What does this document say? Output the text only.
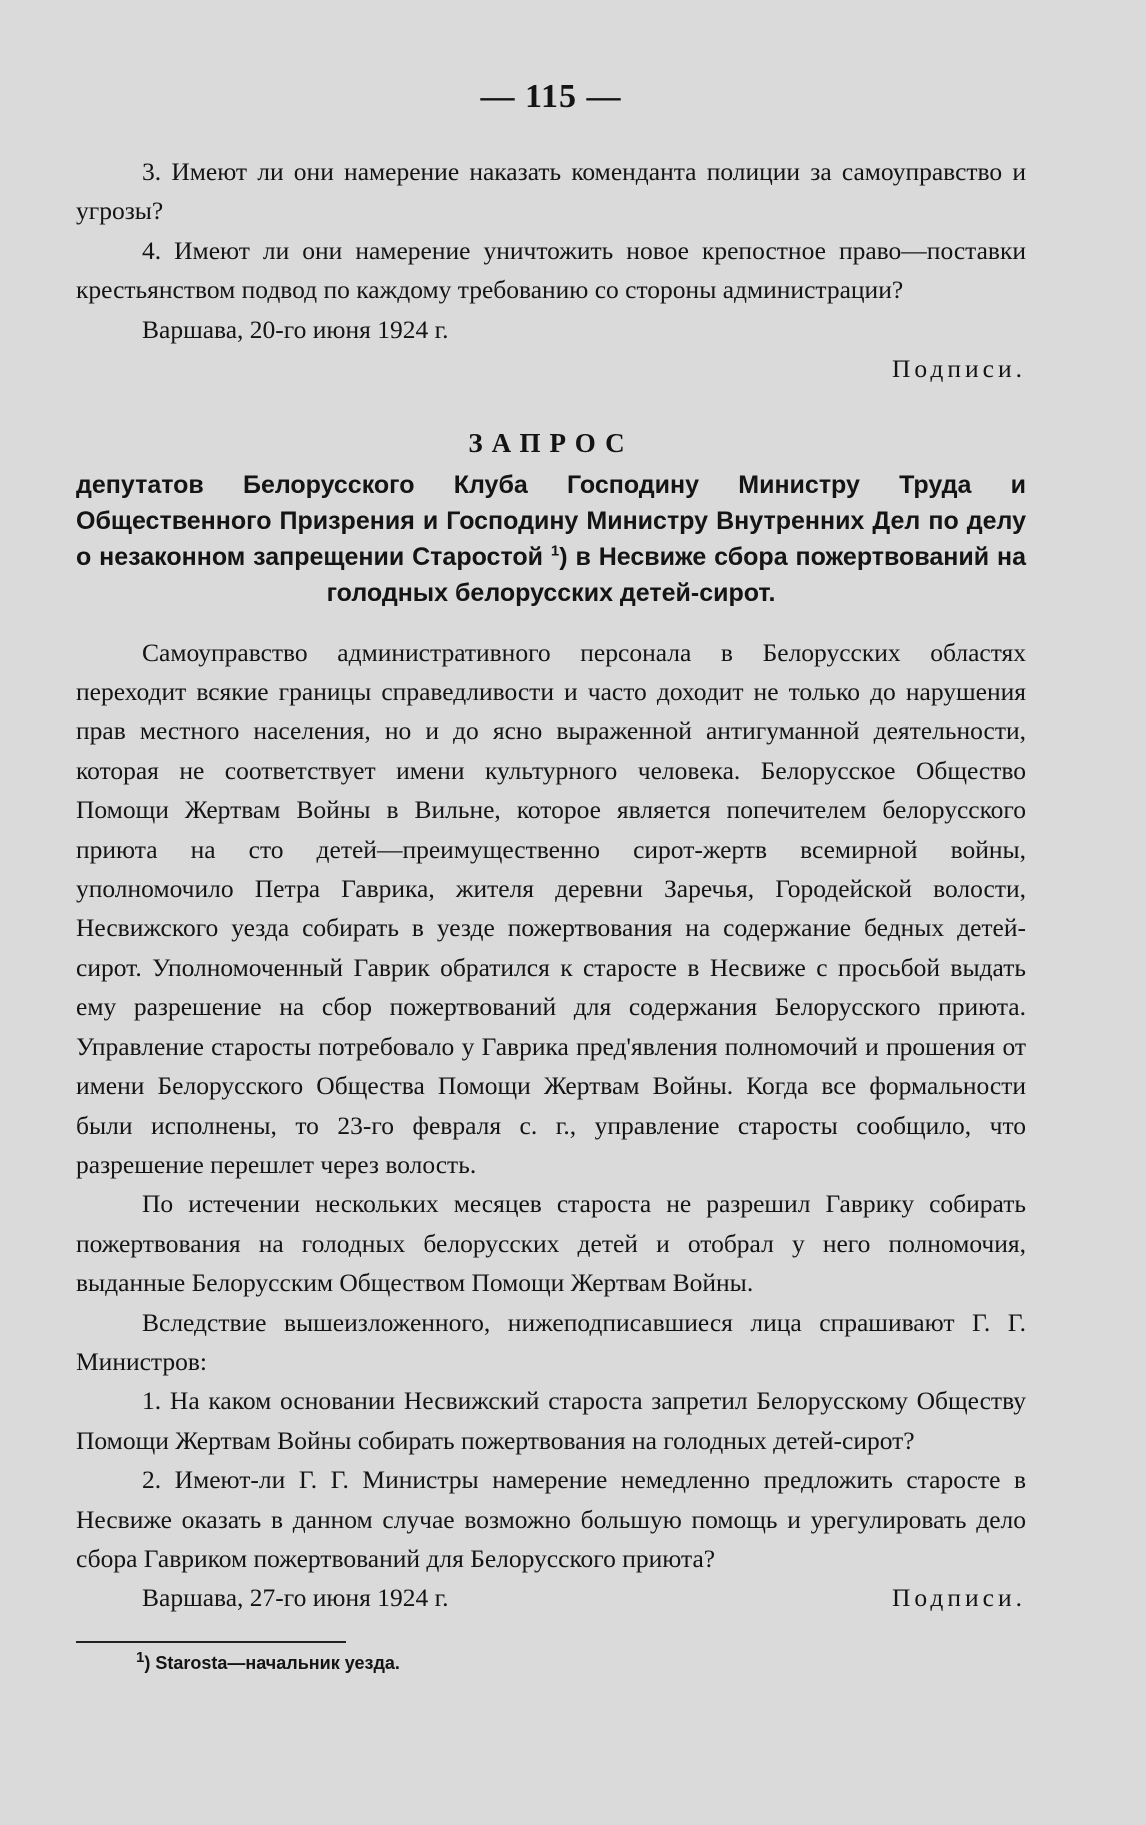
— 115 —

3. Имеют ли они намерение наказать коменданта полиции за самоуправство и угрозы?

4. Имеют ли они намерение уничтожить новое крепостное право—поставки крестьянством подвод по каждому требованию со стороны администрации?

Варшава, 20-го июня 1924 г.
Подписи.
ЗАПРОС
депутатов Белорусского Клуба Господину Министру Труда и Общественного Призрения и Господину Министру Внутренних Дел по делу о незаконном запрещении Старостой $^1$) в Несвиже сбора пожертвований на голодных белорусских детей-сирот.

Самоуправство административного персонала в Белорусских областях переходит всякие границы справедливости и часто доходит не только до нарушения прав местного населения, но и до ясно выраженной антигуманной деятельности, которая не соответствует имени культурного человека. Белорусское Общество Помощи Жертвам Войны в Вильне, которое является попечителем белорусского приюта на сто детей—преимущественно сирот-жертв всемирной войны, уполномочило Петра Гаврика, жителя деревни Заречья, Городейской волости, Несвижского уезда собирать в уезде пожертвования на содержание бедных детей-сирот. Уполномоченный Гаврик обратился к старосте в Несвиже с просьбой выдать ему разрешение на сбор пожертвований для содержания Белорусского приюта. Управление старосты потребовало у Гаврика пред'явления полномочий и прошения от имени Белорусского Общества Помощи Жертвам Войны. Когда все формальности были исполнены, то 23-го февраля с. г., управление старосты сообщило, что разрешение перешлет через волость.

По истечении нескольких месяцев староста не разрешил Гаврику собирать пожертвования на голодных белорусских детей и отобрал у него полномочия, выданные Белорусским Обществом Помощи Жертвам Войны.

Вследствие вышеизложенного, нижеподписавшиеся лица спрашивают Г. Г. Министров:

1. На каком основании Несвижский староста запретил Белорусскому Обществу Помощи Жертвам Войны собирать пожертвования на голодных детей-сирот?

2. Имеют-ли Г. Г. Министры намерение немедленно предложить старосте в Несвиже оказать в данном случае возможно большую помощь и урегулировать дело сбора Гавриком пожертвований для Белорусского приюта?

Варшава, 27-го июня 1924 г.	Подписи.
$^1$) Starosta—начальник уезда.
